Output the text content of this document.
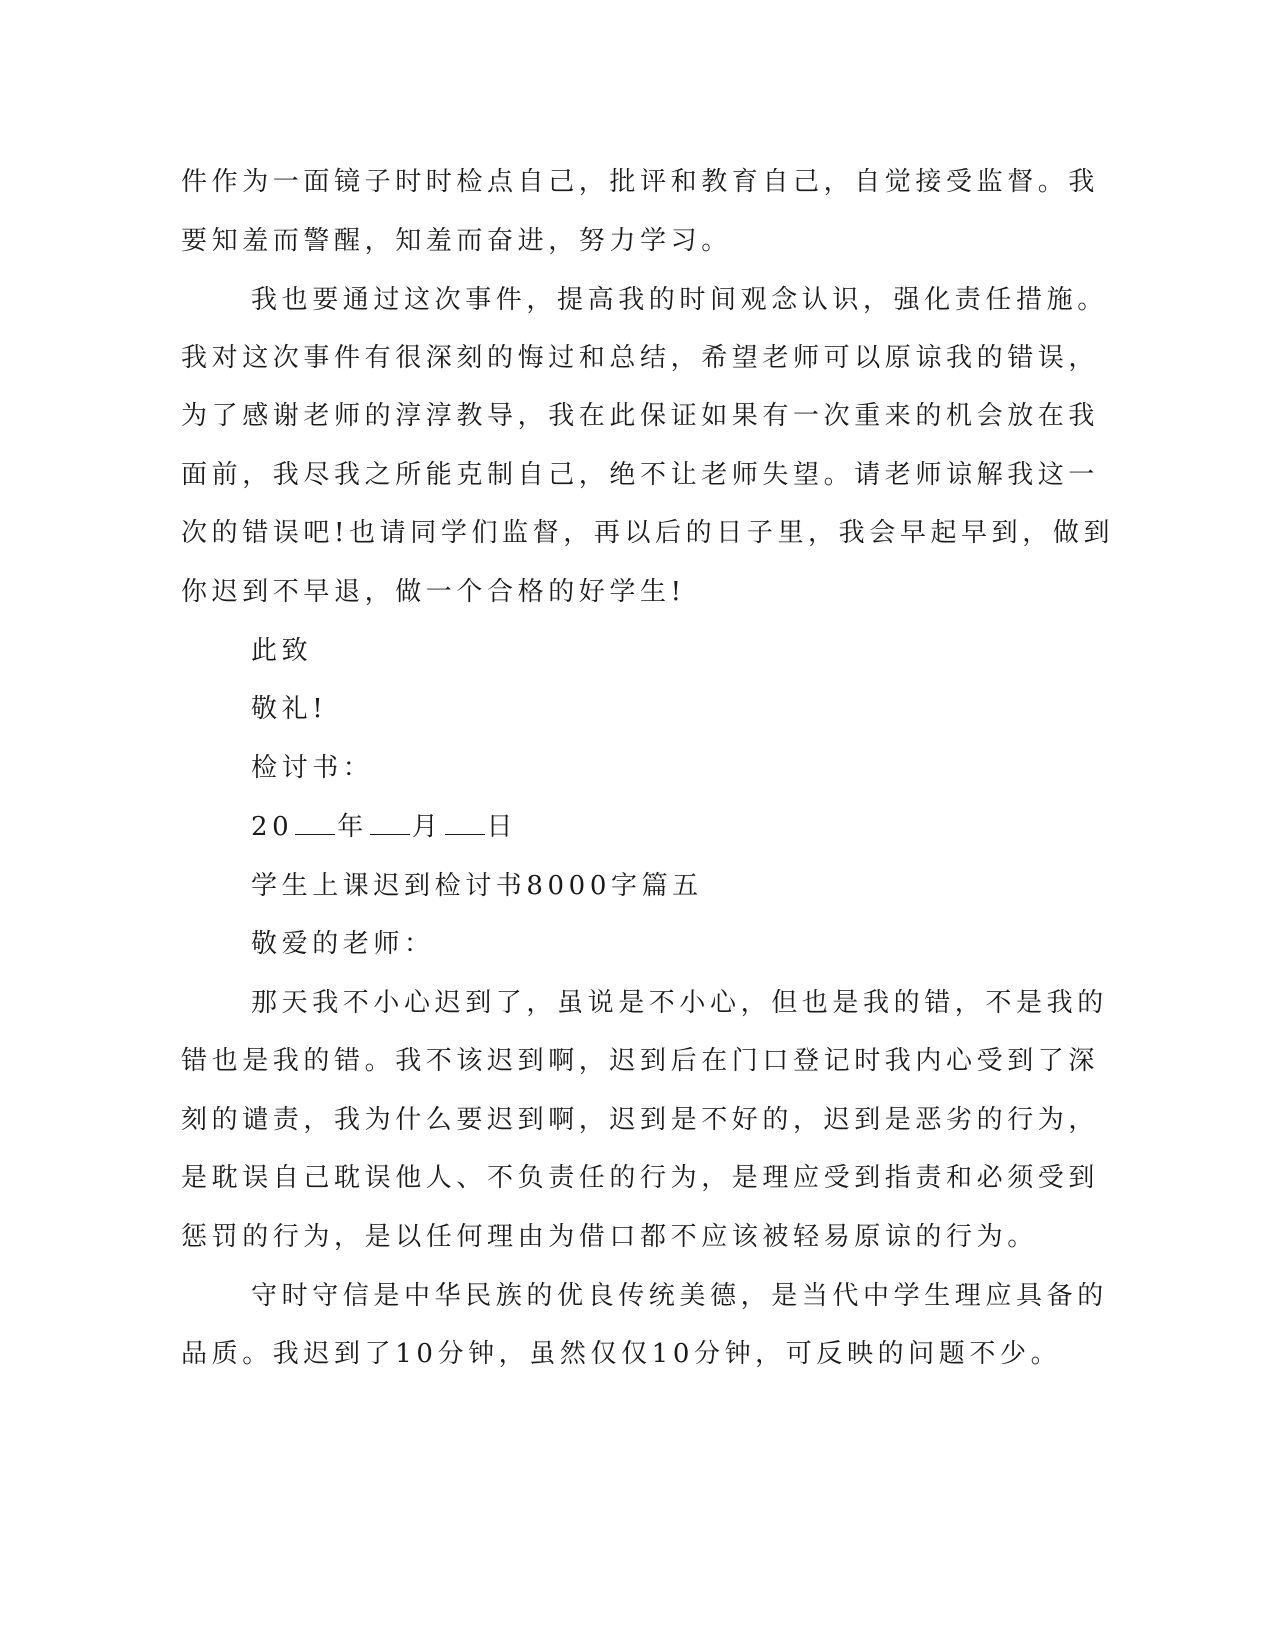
件作为一面镜子时时检点自己，批评和教育自己，自觉接受监督。我

要知羞而警醒，知羞而奋进，努力学习。

我也要通过这次事件，提高我的时间观念认识，强化责任措施。

我对这次事件有很深刻的悔过和总结，希望老师可以原谅我的错误，

为了感谢老师的淳淳教导，我在此保证如果有一次重来的机会放在我

面前，我尽我之所能克制自己，绝不让老师失望。请老师谅解我这一

次的错误吧!也请同学们监督，再以后的日子里，我会早起早到，做到

你迟到不早退，做一个合格的好学生!

此致

敬礼!

检讨书：

20 年 月 日

学生上课迟到检讨书8000字篇五

敬爱的老师：

那天我不小心迟到了，虽说是不小心，但也是我的错，不是我的

错也是我的错。我不该迟到啊，迟到后在门口登记时我内心受到了深

刻的谴责，我为什么要迟到啊，迟到是不好的，迟到是恶劣的行为，

是耽误自己耽误他人、不负责任的行为，是理应受到指责和必须受到

惩罚的行为，是以任何理由为借口都不应该被轻易原谅的行为。

守时守信是中华民族的优良传统美德，是当代中学生理应具备的

品质。我迟到了10分钟，虽然仅仅10分钟，可反映的问题不少。
